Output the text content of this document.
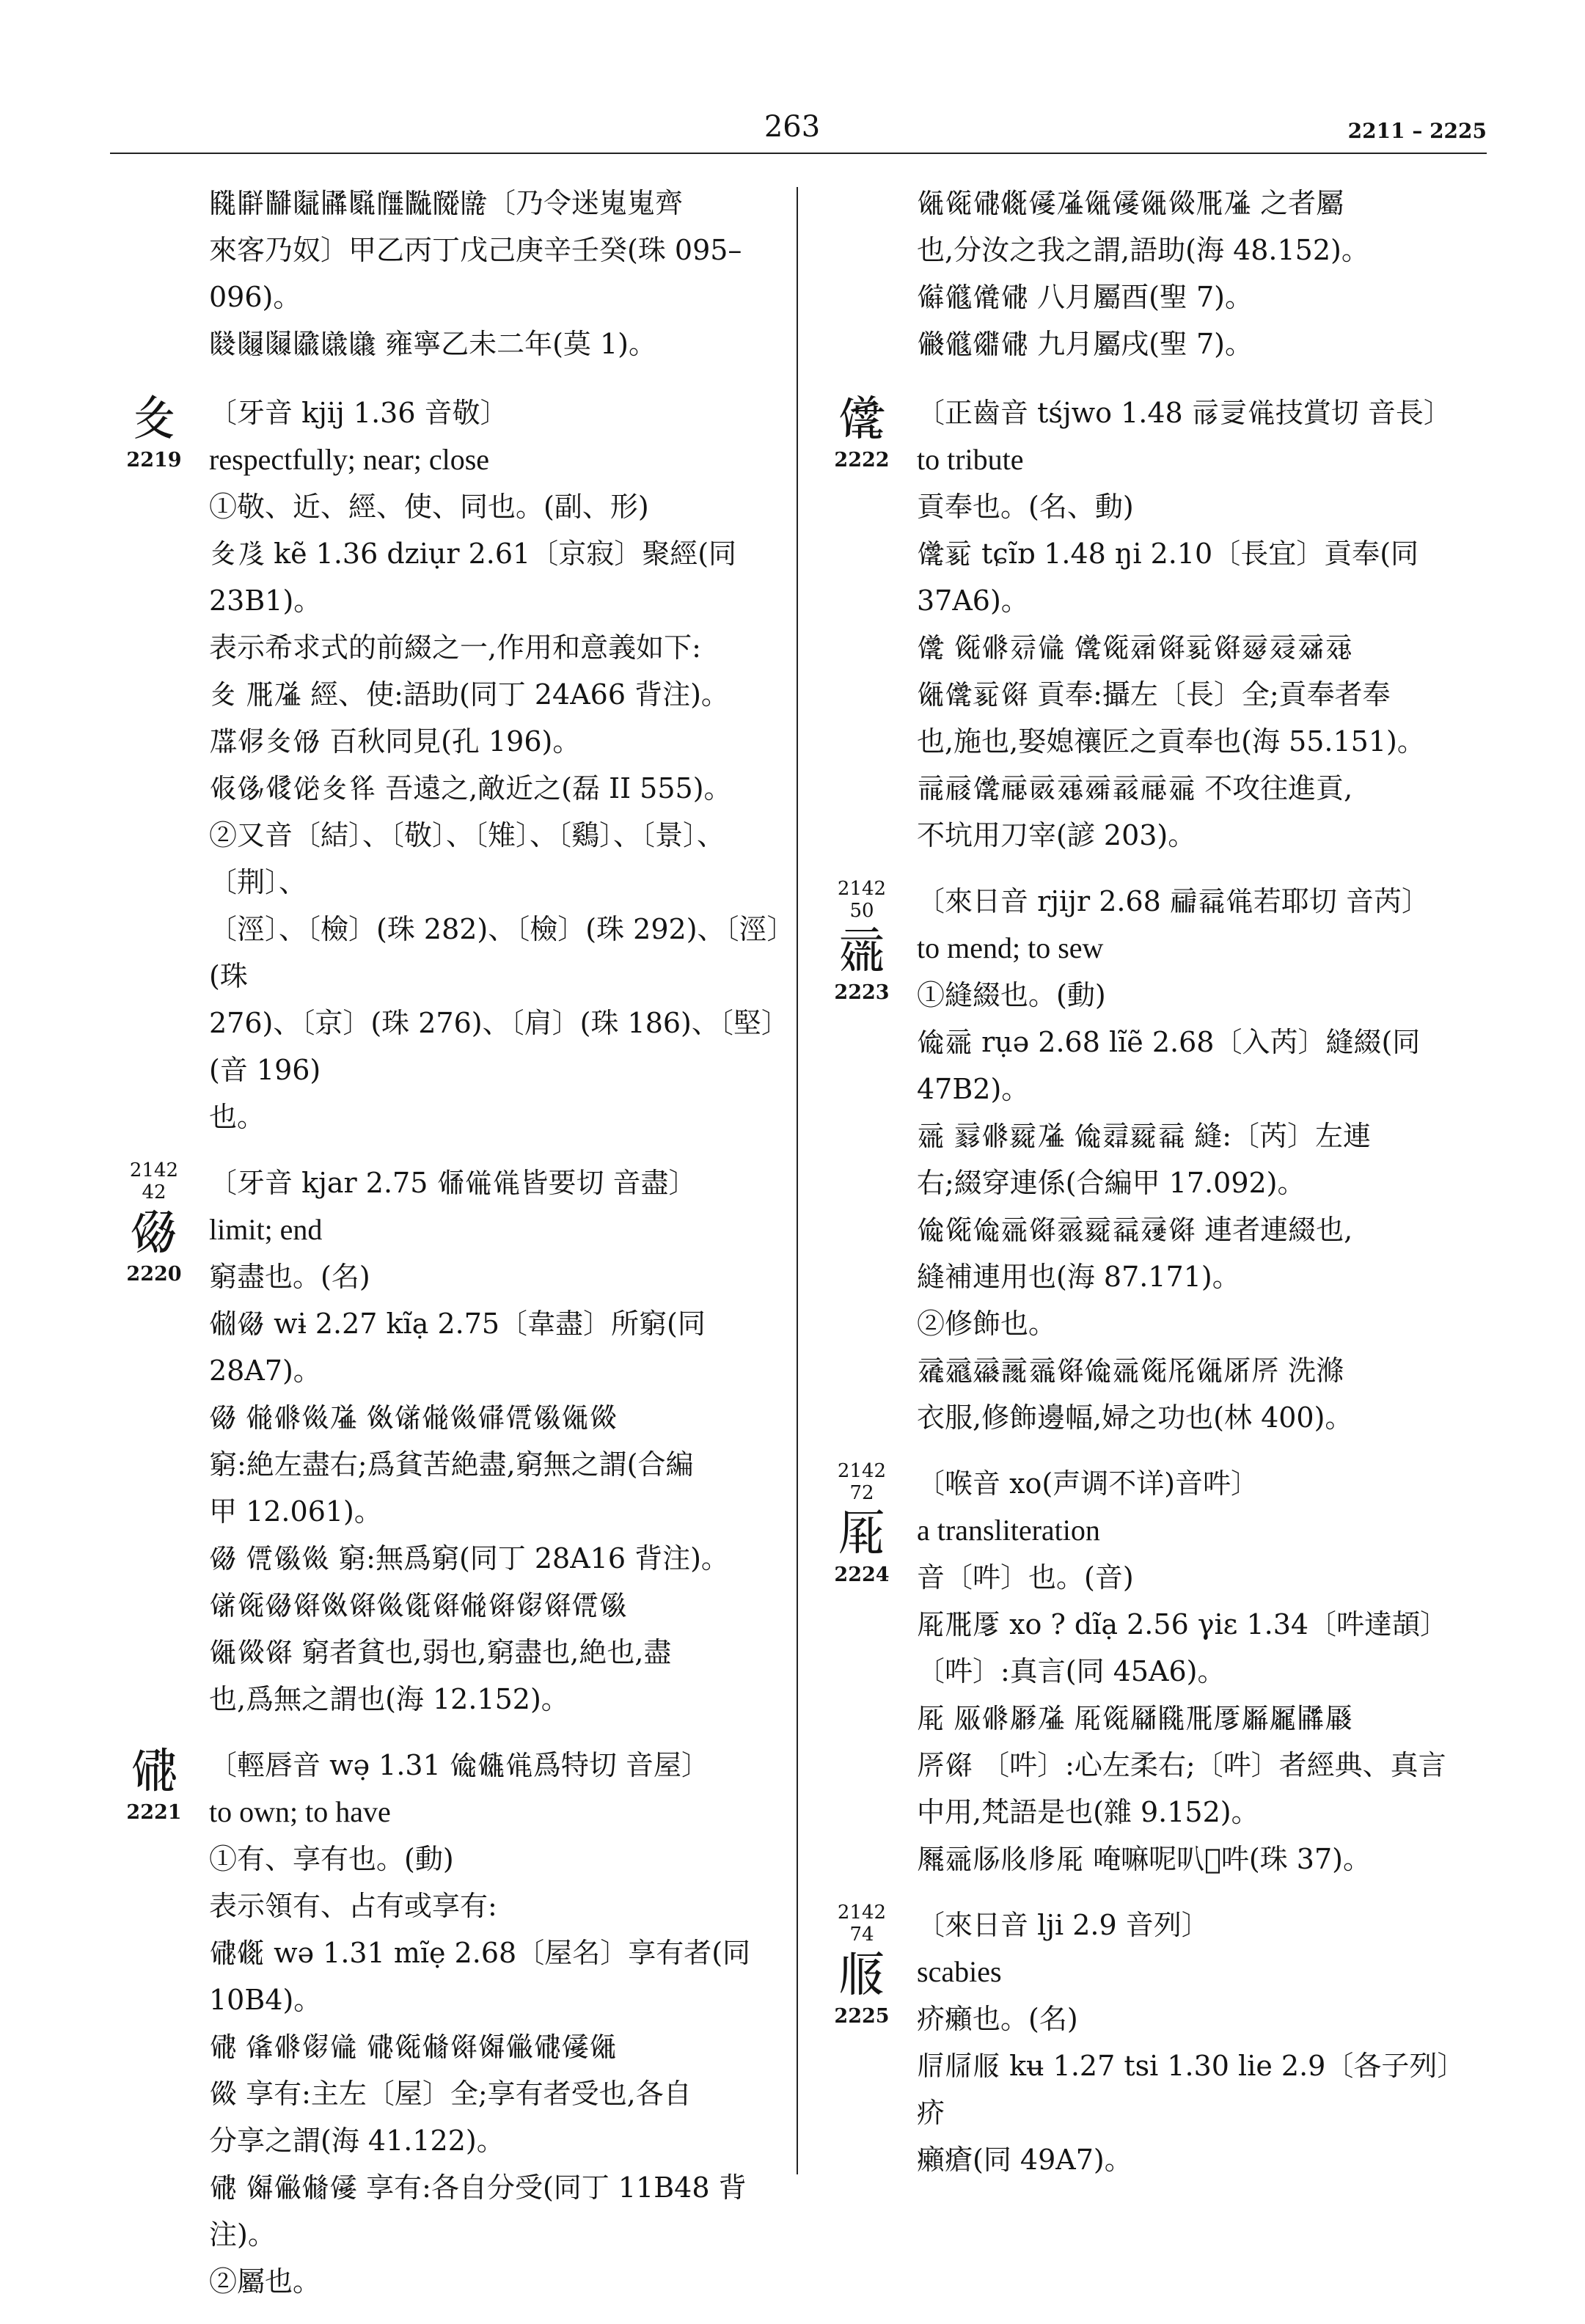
263	2211 – 2225

𗃀𗃁𗃂𗃃𗃄𗃅𗃆𗃇𗃈𗃉〔乃令迷嵬嵬齊

來客乃奴〕甲乙丙丁戊己庚辛壬癸(珠 095–

096)。

𗃊𗃋𗃌𗃍𗃎𗃏 雍寧乙未二年(莫 1)。

𗃐
2219

〔牙音 kjij 1.36 音敬〕

respectfully; near; close

①敬、近、經、使、同也。(副、形)

𗃐𗃑 kẽ 1.36 dziụr 2.61〔京寂〕聚經(同 23B1)。

表示希求式的前綴之一,作用和意義如下:

𗃐 𗃒𗃓 經、使:語助(同丁 24A66 背注)。

𗃔𗃕𗃐𗃖 百秋同見(孔 196)。

𗃗𗃘𗃙𗃚𗃐𗃛 吾遠之,敵近之(磊 II 555)。

②又音〔結〕、〔敬〕、〔雉〕、〔鷄〕、〔景〕、〔荆〕、

〔涇〕、〔檢〕(珠 282)、〔檢〕(珠 292)、〔涇〕(珠

276)、〔京〕(珠 276)、〔肩〕(珠 186)、〔堅〕(音 196)

也。

2142
42
𗃜
2220

〔牙音 kjar 2.75 𗃝𗃞𗃟皆要切 音盡〕

limit; end

窮盡也。(名)

𗃠𗃜 wɨ 2.27 kĩạ 2.75〔韋盡〕所窮(同 28A7)。

𗃜 𗃡𗃢𗃣𗃓 𗃤𗃥𗃡𗃣𗃦𗃧𗃨𗃩𗃪

窮:絶左盡右;爲貧苦絶盡,窮無之謂(合編

甲 12.061)。

𗃜 𗃧𗃨𗃣 窮:無爲窮(同丁 28A16 背注)。

𗃥𗃫𗃜𗃬𗃤𗃬𗃣𗃭𗃬𗃡𗃬𗃮𗃬𗃧𗃨

𗃩𗃪𗃬 窮者貧也,弱也,窮盡也,絶也,盡

也,爲無之謂也(海 12.152)。

𗃯
2221

〔輕唇音 wə̣ 1.31 𗃰𗃱𗃟爲特切 音屋〕

to own; to have

①有、享有也。(動)

表示領有、占有或享有:

𗃯𗃲 wə 1.31 mĩẹ 2.68〔屋名〕享有者(同

10B4)。

𗃯 𗃳𗃢𗃮𗃴 𗃯𗃫𗃵𗃬𗃶𗃷𗃯𗃸𗃩

𗃪 享有:主左〔屋〕全;享有者受也,各自

分享之謂(海 41.122)。

𗃯 𗃶𗃷𗃵𗃸 享有:各自分受(同丁 11B48 背

注)。

②屬也。

𗃩𗃫𗃯𗃲𗃸𗃓𗃩𗃸𗃩𗃪𗃒𗃓 之者屬

也,分汝之我之謂,語助(海 48.152)。

𗃹𗃺𗃻𗃯 八月屬酉(聖 7)。

𗃼𗃺𗃽𗃯 九月屬戌(聖 7)。

𗃾
2222

〔正齒音 tśjwo 1.48 𗃿𗄀𗃟技賞切 音長〕

to tribute

貢奉也。(名、動)

𗃾𗄁 tɕĩɒ 1.48 ŋi 2.10〔長宜〕貢奉(同 37A6)。

𗃾 𗃫𗃢𗄂𗃴 𗃾𗃫𗄃𗃬𗄁𗃬𗄄𗄅𗄆𗄇

𗃩𗃾𗄁𗃬 貢奉:攝左〔長〕全;貢奉者奉

也,施也,娶媳禳匠之貢奉也(海 55.151)。

𗄈𗄉𗃾𗄊𗄋𗄌𗄍𗄎𗄊𗄏 不攻往進貢,

不坑用刀宰(諺 203)。

2142
50
𗄐
2223

〔來日音 rjijr 2.68 𗄑𗄒𗃟若耶切 音芮〕

to mend; to sew

①縫綴也。(動)

𗃰𗄐 rụə 2.68 lĩẽ 2.68〔入芮〕縫綴(同 47B2)。

𗄐 𗄓𗃢𗄔𗃓 𗃰𗄕𗄔𗄒 縫:〔芮〕左連

右;綴穿連係(合編甲 17.092)。

𗃰𗃫𗃰𗄐𗃬𗄖𗄔𗄒𗄗𗃬 連者連綴也,

縫補連用也(海 87.171)。

②修飾也。

𗄘𗄙𗄚𗄛𗄜𗃬𗃰𗄐𗃫𗄝𗃩𗄞𗄟 洗滌

衣服,修飾邊幅,婦之功也(林 400)。

2142
72
𗄠
2224

〔喉音 xo(声调不详)音吽〕

a transliteration

音〔吽〕也。(音)

𗄠𗃒𗄡 xo ? dĩạ 2.56 γiɛ 1.34〔吽達頡〕

〔吽〕:真言(同 45A6)。

𗄠 𗄢𗃢𗄣𗃓 𗄠𗃫𗄤𗃀𗃒𗄡𗄥𗄦𗃄𗄧

𗄟𗃬 〔吽〕:心左柔右;〔吽〕者經典、真言

中用,梵語是也(雜 9.152)。

𗄨𗄐𗄩𗄪𗄫𗄠 唵嘛呢叭𠺗吽(珠 37)。

2142
74
𗄬
2225

〔來日音 lji 2.9 音列〕

scabies

疥癩也。(名)

𗄭𗄮𗄬 kʉ 1.27 tsi 1.30 lie 2.9〔各子列〕疥

癩瘡(同 49A7)。
